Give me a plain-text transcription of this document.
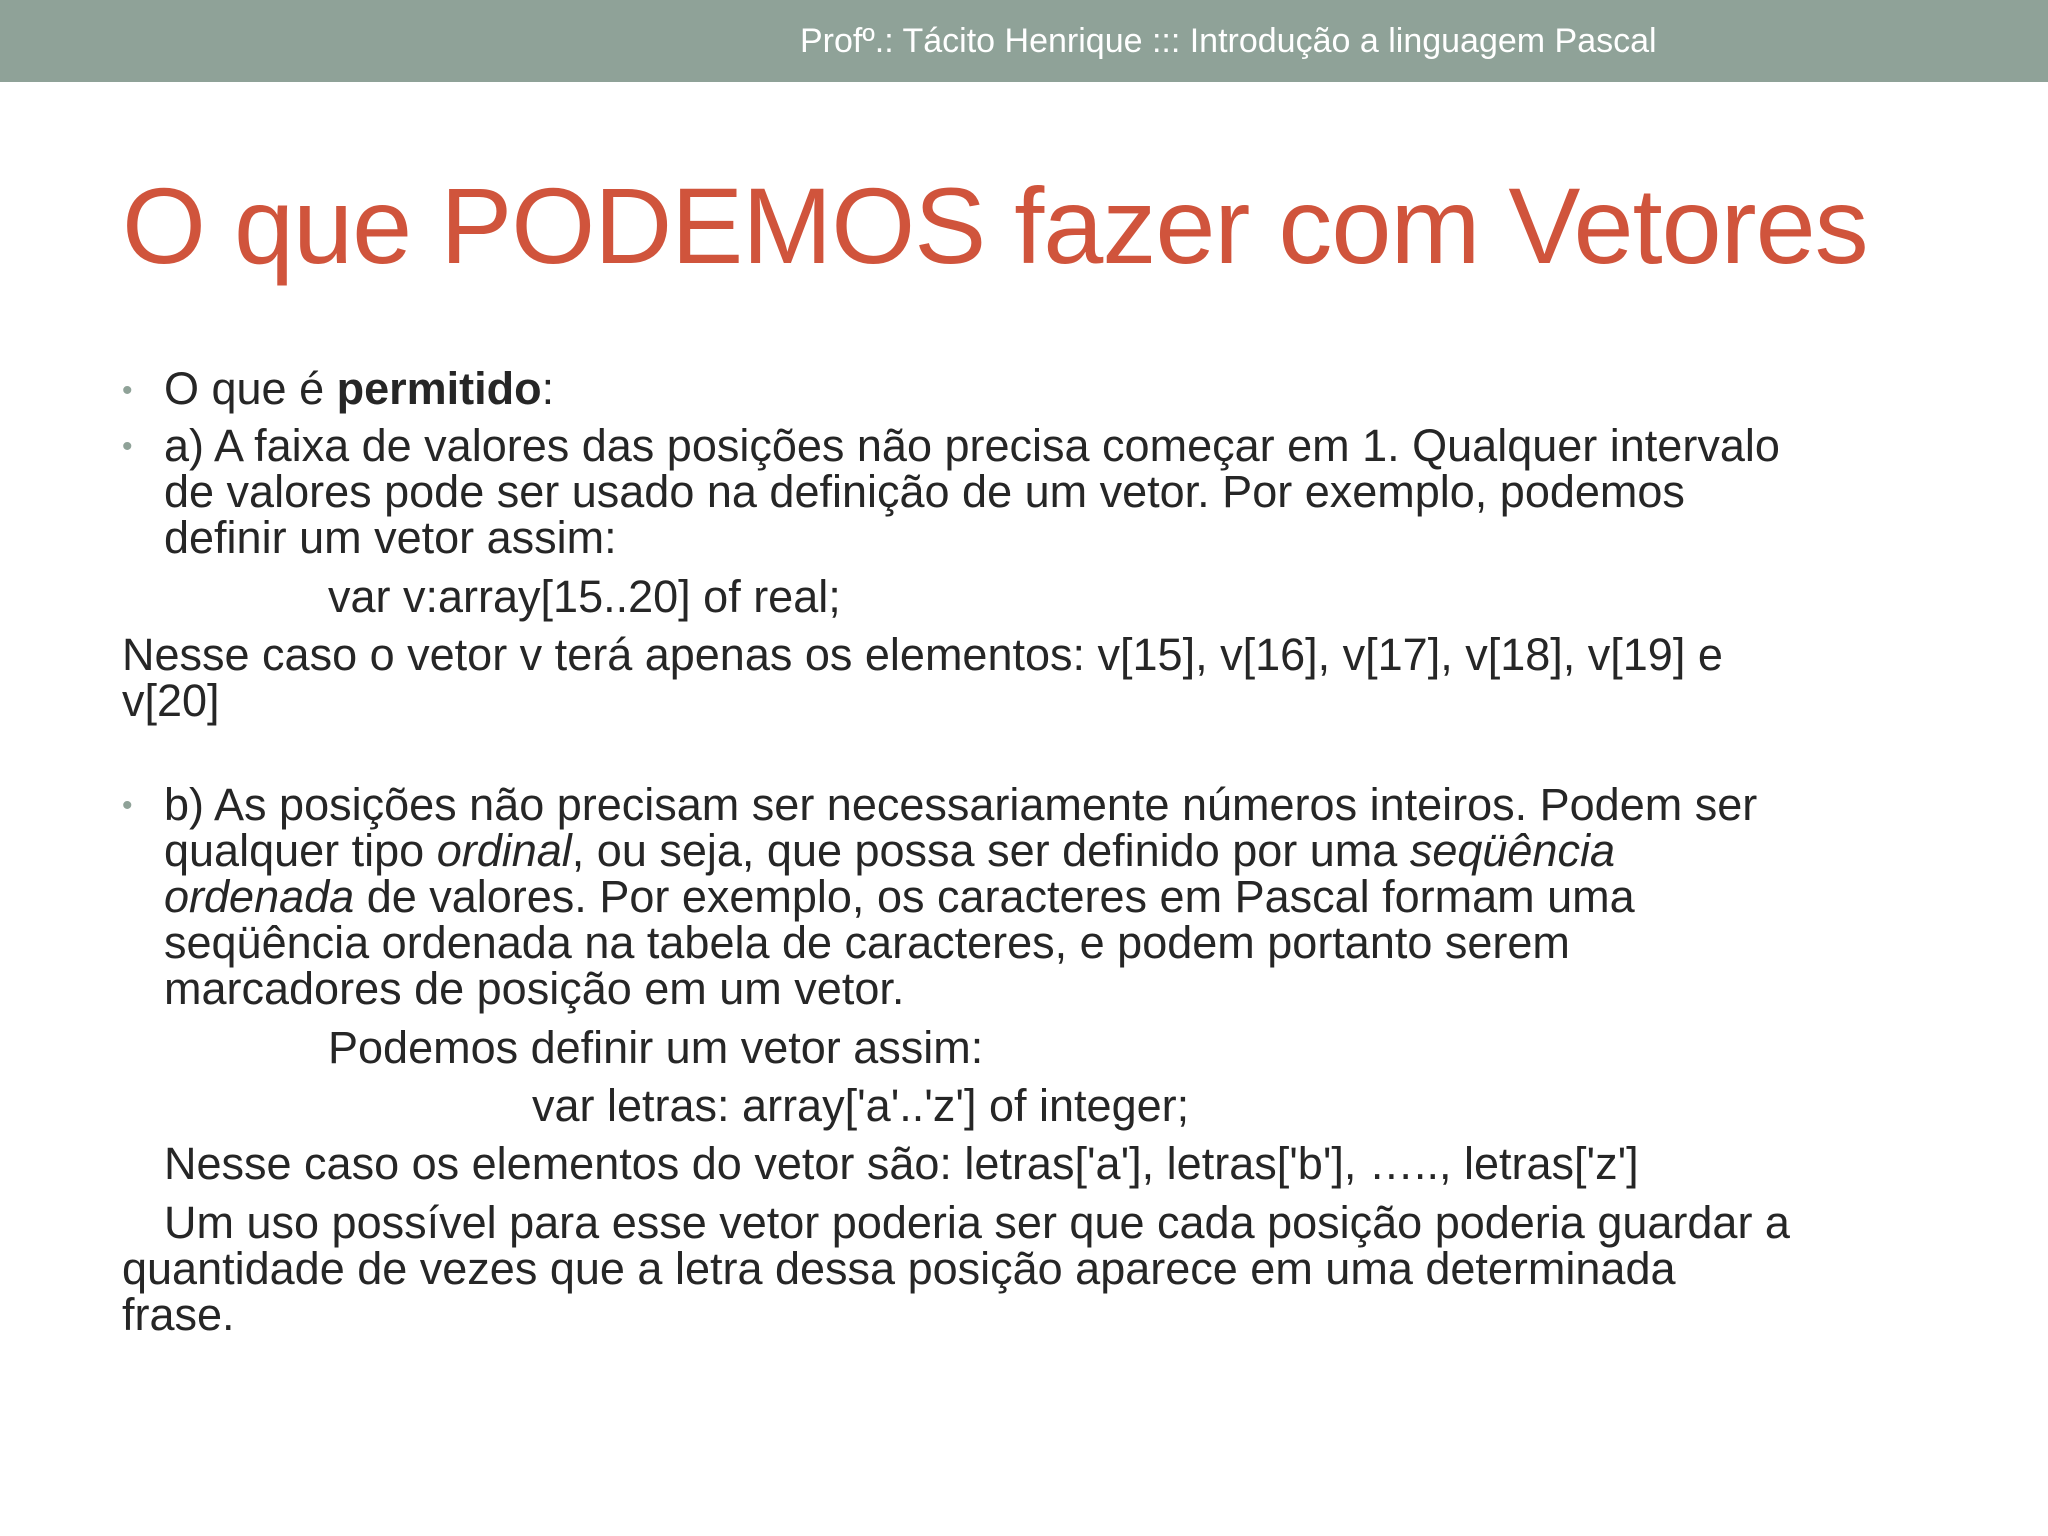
Profº.: Tácito Henrique ::: Introdução a linguagem Pascal
O que PODEMOS fazer com Vetores
• O que é permitido:
• a) A faixa de valores das posições não precisa começar em 1. Qualquer intervalo
de valores pode ser usado na definição de um vetor. Por exemplo, podemos
definir um vetor assim:
var v:array[15..20] of real;
Nesse caso o vetor v terá apenas os elementos: v[15], v[16], v[17], v[18], v[19] e
v[20]
• b) As posições não precisam ser necessariamente números inteiros. Podem ser
qualquer tipo ordinal, ou seja, que possa ser definido por uma seqüência
ordenada de valores. Por exemplo, os caracteres em Pascal formam uma
seqüência ordenada na tabela de caracteres, e podem portanto serem
marcadores de posição em um vetor.
Podemos definir um vetor assim:
var letras: array['a'..'z'] of integer;
Nesse caso os elementos do vetor são: letras['a'], letras['b'], ….., letras['z']
Um uso possível para esse vetor poderia ser que cada posição poderia guardar a
quantidade de vezes que a letra dessa posição aparece em uma determinada
frase.
